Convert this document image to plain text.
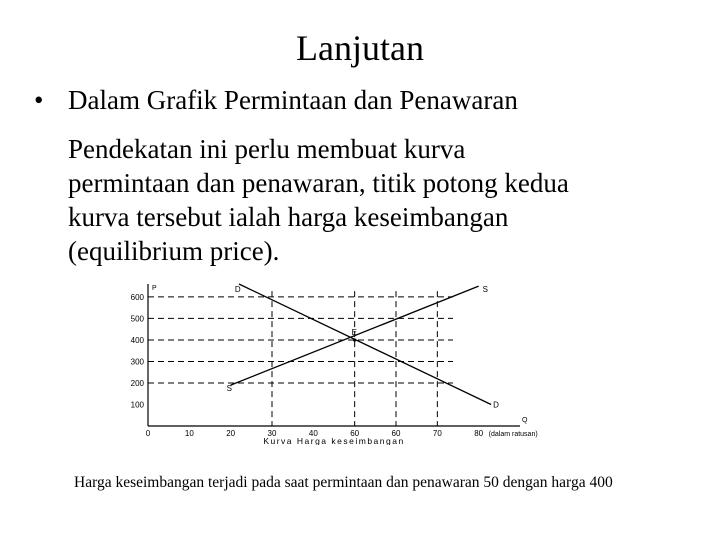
Lanjutan
• Dalam Grafik Permintaan dan Penawaran
Pendekatan ini perlu membuat kurva
permintaan dan penawaran, titik potong kedua
kurva tersebut ialah harga keseimbangan
(equilibrium price).
P
Q
100
200
300
400
500
600
0	10	20	30	40	60	60	70	80 (dalam ratusan)
Kurva Harga keseimbangan
D
D
S
S
E
Harga keseimbangan terjadi pada saat permintaan dan penawaran 50 dengan harga 400
